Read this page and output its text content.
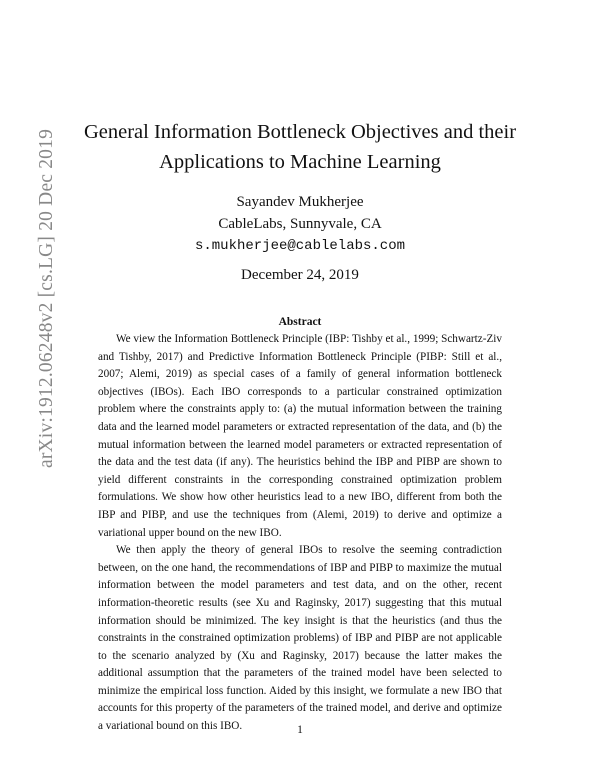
arXiv:1912.06248v2 [cs.LG] 20 Dec 2019	General Information Bottleneck Objectives and their
Applications to Machine Learning
Sayandev Mukherjee
CableLabs, Sunnyvale, CA
s.mukherjee@cablelabs.com
December 24, 2019
Abstract

We view the Information Bottleneck Principle (IBP: Tishby et al., 1999; Schwartz-Ziv and Tishby, 2017) and Predictive Information Bottleneck Principle (PIBP: Still et al., 2007; Alemi, 2019) as special cases of a family of general information bottleneck objectives (IBOs). Each IBO corresponds to a particular constrained optimization problem where the constraints apply to: (a) the mutual information between the training data and the learned model parameters or extracted representation of the data, and (b) the mutual information between the learned model parameters or extracted representation of the data and the test data (if any). The heuristics behind the IBP and PIBP are shown to yield different constraints in the corresponding constrained optimization problem formulations. We show how other heuristics lead to a new IBO, different from both the IBP and PIBP, and use the techniques from (Alemi, 2019) to derive and optimize a variational upper bound on the new IBO.

We then apply the theory of general IBOs to resolve the seeming contradiction between, on the one hand, the recommendations of IBP and PIBP to maximize the mutual information between the model parameters and test data, and on the other, recent information-theoretic results (see Xu and Raginsky, 2017) suggesting that this mutual information should be minimized. The key insight is that the heuristics (and thus the constraints in the constrained optimization problems) of IBP and PIBP are not applicable to the scenario analyzed by (Xu and Raginsky, 2017) because the latter makes the additional assumption that the parameters of the trained model have been selected to minimize the empirical loss function. Aided by this insight, we formulate a new IBO that accounts for this property of the parameters of the trained model, and derive and optimize a variational bound on this IBO.	1
